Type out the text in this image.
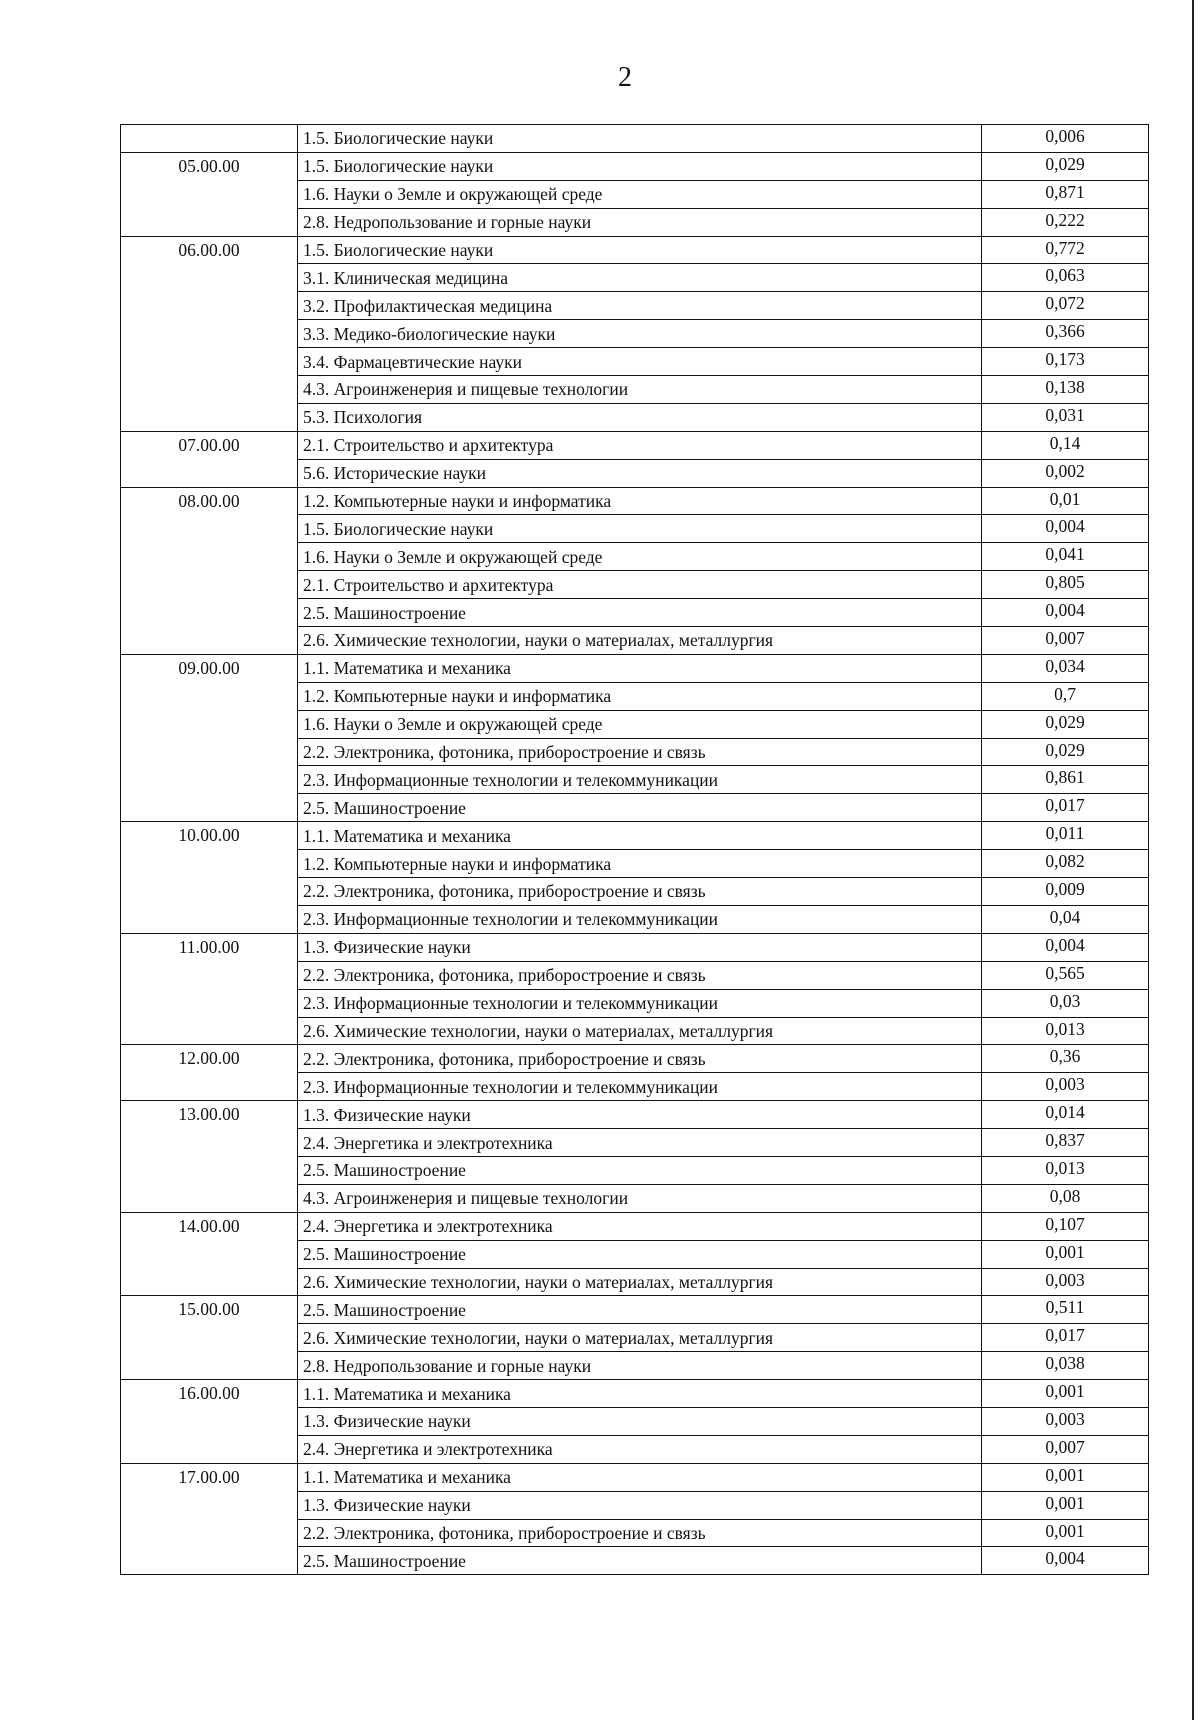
2
	1.5. Биологические науки	0,006
05.00.00	1.5. Биологические науки	0,029
	1.6. Науки о Земле и окружающей среде	0,871
	2.8. Недропользование и горные науки	0,222
06.00.00	1.5. Биологические науки	0,772
	3.1. Клиническая медицина	0,063
	3.2. Профилактическая медицина	0,072
	3.3. Медико-биологические науки	0,366
	3.4. Фармацевтические науки	0,173
	4.3. Агроинженерия и пищевые технологии	0,138
	5.3. Психология	0,031
07.00.00	2.1. Строительство и архитектура	0,14
	5.6. Исторические науки	0,002
08.00.00	1.2. Компьютерные науки и информатика	0,01
	1.5. Биологические науки	0,004
	1.6. Науки о Земле и окружающей среде	0,041
	2.1. Строительство и архитектура	0,805
	2.5. Машиностроение	0,004
	2.6. Химические технологии, науки о материалах, металлургия	0,007
09.00.00	1.1. Математика и механика	0,034
	1.2. Компьютерные науки и информатика	0,7
	1.6. Науки о Земле и окружающей среде	0,029
	2.2. Электроника, фотоника, приборостроение и связь	0,029
	2.3. Информационные технологии и телекоммуникации	0,861
	2.5. Машиностроение	0,017
10.00.00	1.1. Математика и механика	0,011
	1.2. Компьютерные науки и информатика	0,082
	2.2. Электроника, фотоника, приборостроение и связь	0,009
	2.3. Информационные технологии и телекоммуникации	0,04
11.00.00	1.3. Физические науки	0,004
	2.2. Электроника, фотоника, приборостроение и связь	0,565
	2.3. Информационные технологии и телекоммуникации	0,03
	2.6. Химические технологии, науки о материалах, металлургия	0,013
12.00.00	2.2. Электроника, фотоника, приборостроение и связь	0,36
	2.3. Информационные технологии и телекоммуникации	0,003
13.00.00	1.3. Физические науки	0,014
	2.4. Энергетика и электротехника	0,837
	2.5. Машиностроение	0,013
	4.3. Агроинженерия и пищевые технологии	0,08
14.00.00	2.4. Энергетика и электротехника	0,107
	2.5. Машиностроение	0,001
	2.6. Химические технологии, науки о материалах, металлургия	0,003
15.00.00	2.5. Машиностроение	0,511
	2.6. Химические технологии, науки о материалах, металлургия	0,017
	2.8. Недропользование и горные науки	0,038
16.00.00	1.1. Математика и механика	0,001
	1.3. Физические науки	0,003
	2.4. Энергетика и электротехника	0,007
17.00.00	1.1. Математика и механика	0,001
	1.3. Физические науки	0,001
	2.2. Электроника, фотоника, приборостроение и связь	0,001
	2.5. Машиностроение	0,004
